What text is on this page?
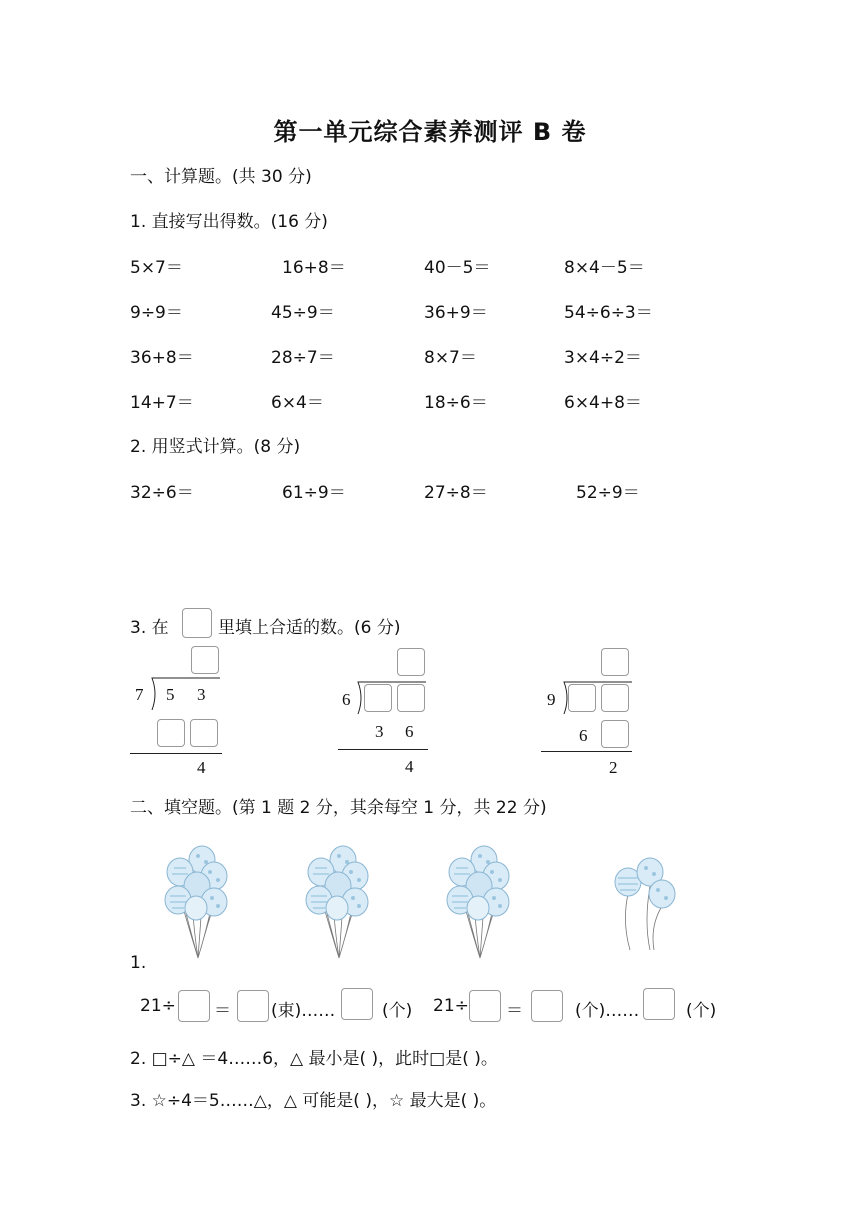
第一单元综合素养测评 B 卷
一、计算题。(共 30 分)
1. 直接写出得数。(16 分)
5×7＝	16+8＝	40－5＝	8×4－5＝
9÷9＝	45÷9＝	36+9＝	54÷6÷3＝
36+8＝	28÷7＝	8×7＝	3×4÷2＝
14+7＝	6×4＝	18÷6＝	6×4+8＝
2. 用竖式计算。(8 分)
32÷6＝	61÷9＝	27÷8＝	52÷9＝
3. 在	里填上合适的数。(6 分)
7 5 3
4
6
3 6
4
9
6
2
二、填空题。(第 1 题 2 分，其余每空 1 分，共 22 分)
1.
21÷ ＝ (束)……	(个) 21÷ ＝	(个)……	(个)
2. □÷△ ＝4……6，△ 最小是( )，此时□是( )。
3. ☆÷4＝5……△，△ 可能是( )，☆ 最大是( )。
